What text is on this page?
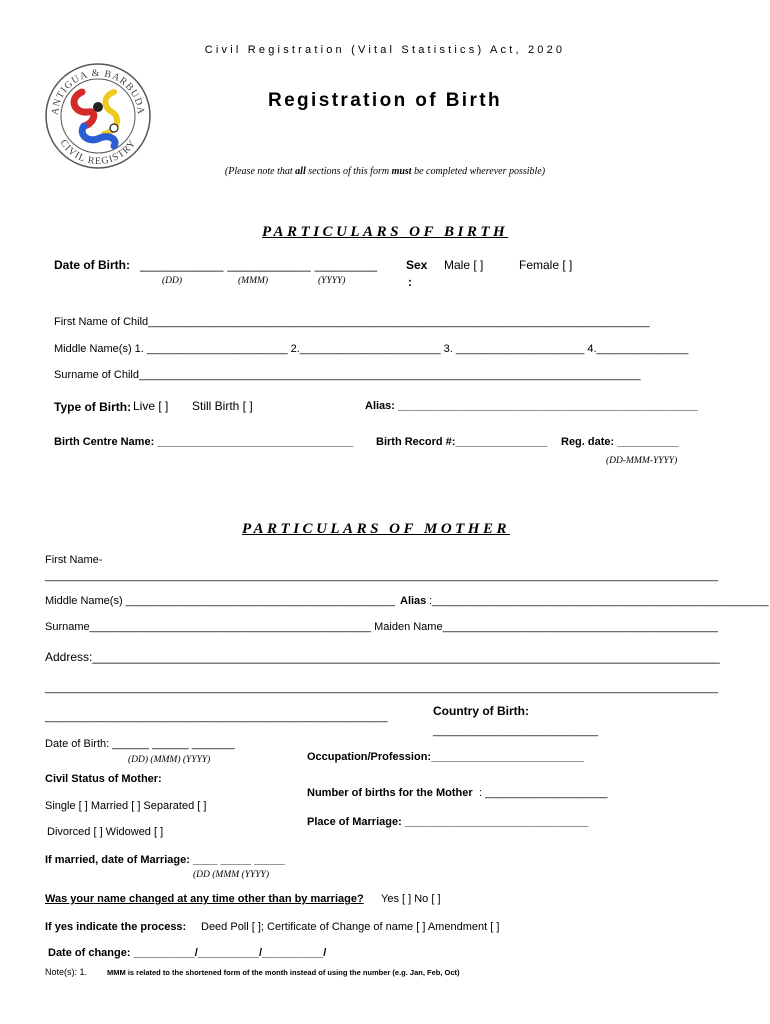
ANTIGUA & BARBUDA
CIVIL REGISTRY
Civil Registration (Vital Statistics) Act, 2020
Registration of Birth
(Please note that all sections of this form must be completed wherever possible)
PARTICULARS OF BIRTH
Date of Birth: ____________ ____________ _________
(DD)	(MMM)	(YYYY)
Sex
:
Male [ ]	Female [ ]
First Name of Child__________________________________________________________________________________
Middle Name(s) 1. _______________________ 2._______________________ 3. _____________________ 4._______________
Surname of Child__________________________________________________________________________________
Type of Birth: Live [ ] Still Birth [ ]	Alias: _________________________________________________
Birth Centre Name: ________________________________ Birth Record #:_______________ Reg. date: __________
(DD-MMM-YYYY)
PARTICULARS OF MOTHER
First Name-
______________________________________________________________________________________________________________
Middle Name(s) ____________________________________________ Alias :_______________________________________________________
Surname______________________________________________ Maiden Name_____________________________________________
Address:______________________________________________________________________________________________
______________________________________________________________________________________________________________
________________________________________________________	Country of Birth:
___________________________
Date of Birth: ______ ______ _______
(DD) (MMM) (YYYY)	Occupation/Profession:_________________________
Civil Status of Mother:
Number of births for the Mother : ____________________
Single [ ] Married [ ] Separated [ ]
Place of Marriage: ______________________________
Divorced [ ] Widowed [ ]
If married, date of Marriage: ____ _____ _____
(DD (MMM (YYYY)
Was your name changed at any time other than by marriage? Yes [ ] No [ ]
If yes indicate the process: Deed Poll [ ]; Certificate of Change of name [ ] Amendment [ ]
Date of change: __________/__________/__________/
Note(s): 1.	MMM is related to the shortened form of the month instead of using the number (e.g. Jan, Feb, Oct)
